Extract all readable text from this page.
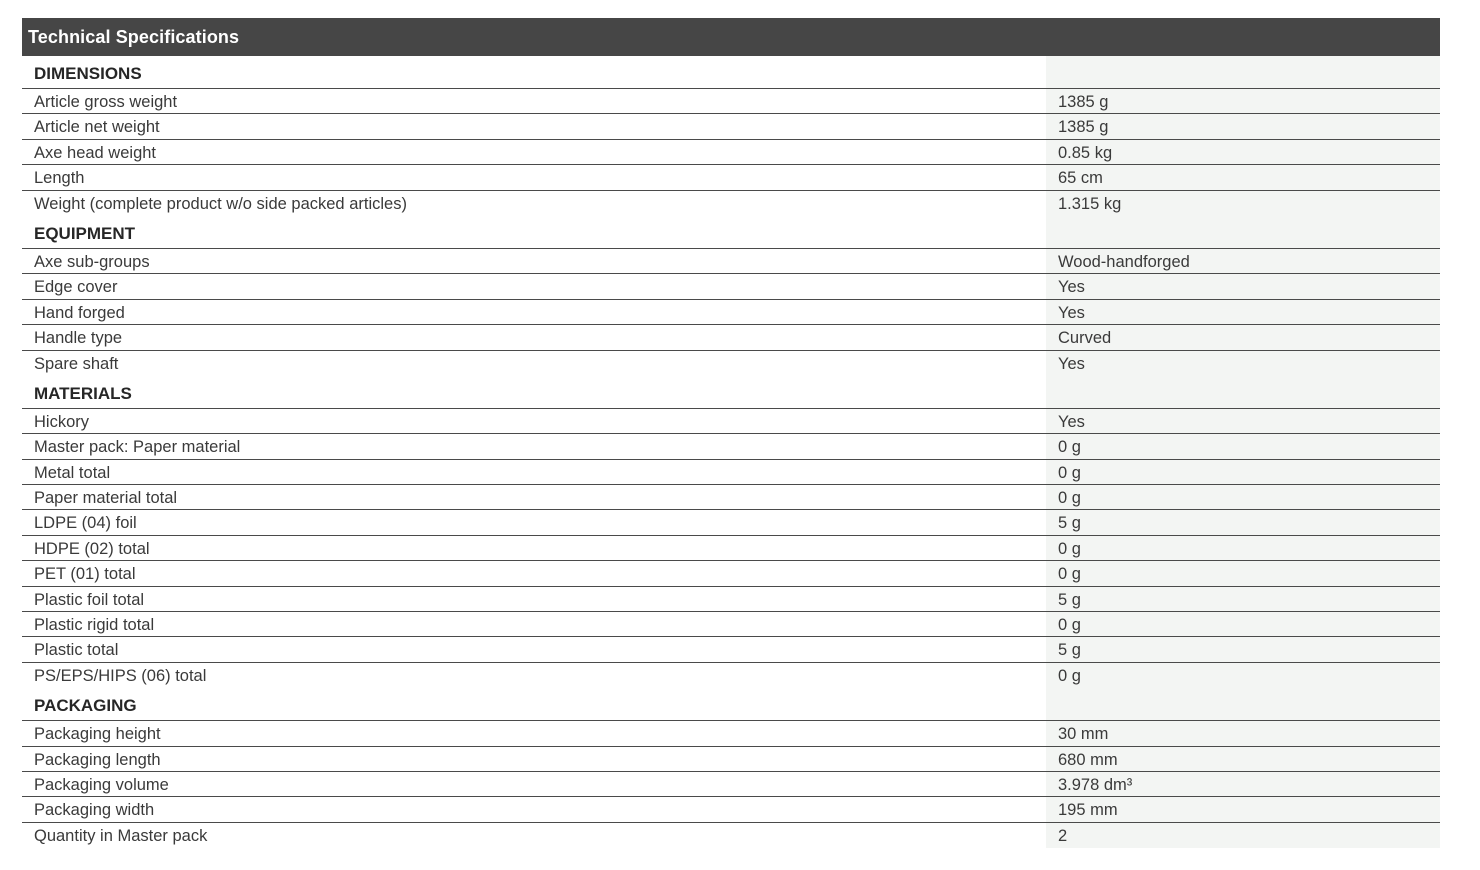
Technical Specifications
DIMENSIONS
Article gross weight	1385 g
Article net weight	1385 g
Axe head weight	0.85 kg
Length	65 cm
Weight (complete product w/o side packed articles)	1.315 kg
EQUIPMENT
Axe sub-groups	Wood-handforged
Edge cover	Yes
Hand forged	Yes
Handle type	Curved
Spare shaft	Yes
MATERIALS
Hickory	Yes
Master pack: Paper material	0 g
Metal total	0 g
Paper material total	0 g
LDPE (04) foil	5 g
HDPE (02) total	0 g
PET (01) total	0 g
Plastic foil total	5 g
Plastic rigid total	0 g
Plastic total	5 g
PS/EPS/HIPS (06) total	0 g
PACKAGING
Packaging height	30 mm
Packaging length	680 mm
Packaging volume	3.978 dm³
Packaging width	195 mm
Quantity in Master pack	2
